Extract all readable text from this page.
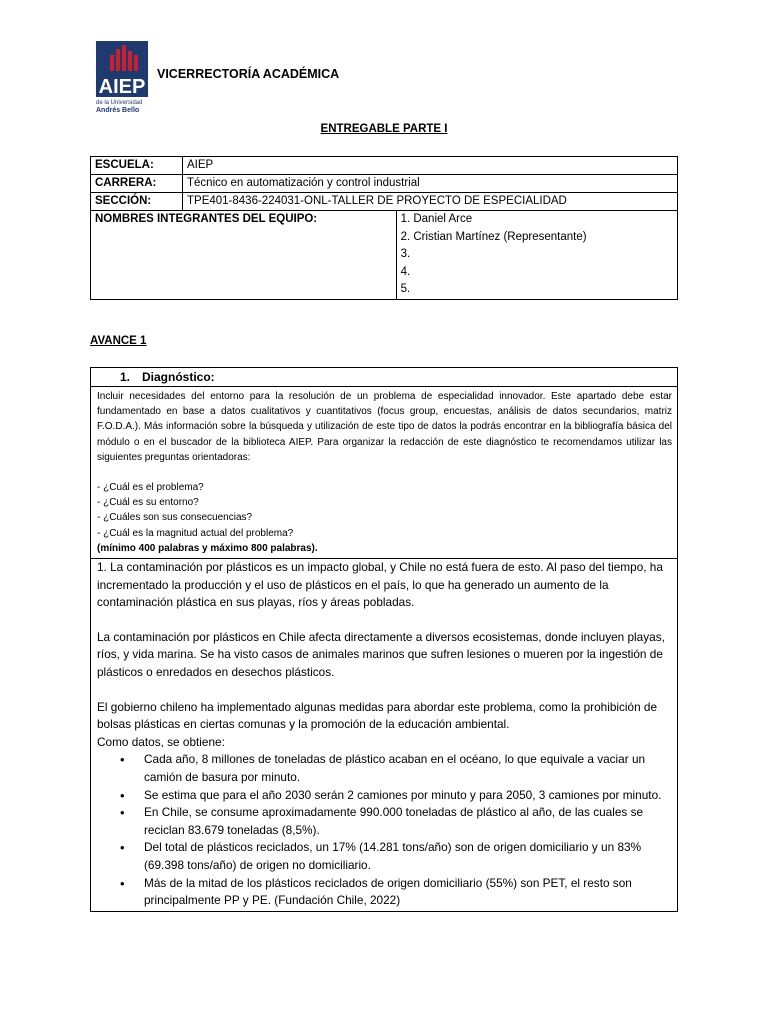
AIEP
de la Universidad
Andrés Bello
VICERRECTORÍA ACADÉMICA
ENTREGABLE PARTE I
ESCUELA:	AIEP	
CARRERA:	Técnico en automatización y control industrial	
SECCIÓN:	TPE401-8436-224031-ONL-TALLER DE PROYECTO DE ESPECIALIDAD	
NOMBRES INTEGRANTES DEL EQUIPO:		1. Daniel Arce
2. Cristian Martínez (Representante)
3.
4.
5.
AVANCE 1
1. Diagnóstico:
Incluir necesidades del entorno para la resolución de un problema de especialidad innovador. Este apartado debe estar fundamentado en base a datos cualitativos y cuantitativos (focus group, encuestas, análisis de datos secundarios, matriz F.O.D.A.). Más información sobre la búsqueda y utilización de este tipo de datos la podrás encontrar en la bibliografía básica del módulo o en el buscador de la biblioteca AIEP. Para organizar la redacción de este diagnóstico te recomendamos utilizar las siguientes preguntas orientadoras:
- ¿Cuál es el problema?
- ¿Cuál es su entorno?
- ¿Cuáles son sus consecuencias?
- ¿Cuál es la magnitud actual del problema?
(mínimo 400 palabras y máximo 800 palabras).

1. La contaminación por plásticos es un impacto global, y Chile no está fuera de esto. Al paso del tiempo, ha incrementado la producción y el uso de plásticos en el país, lo que ha generado un aumento de la contaminación plástica en sus playas, ríos y áreas pobladas.

La contaminación por plásticos en Chile afecta directamente a diversos ecosistemas, donde incluyen playas, ríos, y vida marina. Se ha visto casos de animales marinos que sufren lesiones o mueren por la ingestión de plásticos o enredados en desechos plásticos.

El gobierno chileno ha implementado algunas medidas para abordar este problema, como la prohibición de bolsas plásticas en ciertas comunas y la promoción de la educación ambiental.

Como datos, se obtiene:

• Cada año, 8 millones de toneladas de plástico acaban en el océano, lo que equivale a vaciar un camión de basura por minuto.
• Se estima que para el año 2030 serán 2 camiones por minuto y para 2050, 3 camiones por minuto.
• En Chile, se consume aproximadamente 990.000 toneladas de plástico al año, de las cuales se reciclan 83.679 toneladas (8,5%).
• Del total de plásticos reciclados, un 17% (14.281 tons/año) son de origen domiciliario y un 83% (69.398 tons/año) de origen no domiciliario.
• Más de la mitad de los plásticos reciclados de origen domiciliario (55%) son PET, el resto son principalmente PP y PE. (Fundación Chile, 2022)
